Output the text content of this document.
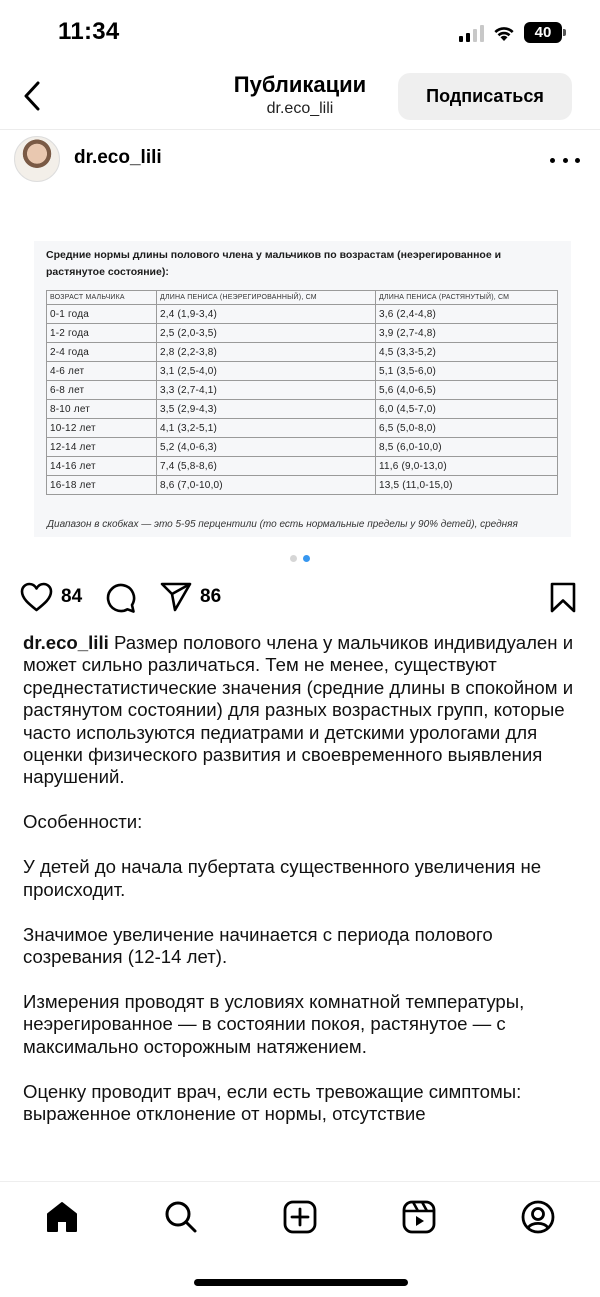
11:34	40
Публикации
dr.eco_lili
Подписаться
dr.eco_lili
Средние нормы длины полового члена у мальчиков по возрастам (неэрегированное и растянутое состояние):
ВОЗРАСТ МАЛЬЧИКА	ДЛИНА ПЕНИСА (НЕЭРЕГИРОВАННЫЙ), СМ	ДЛИНА ПЕНИСА (РАСТЯНУТЫЙ), СМ
0-1 года	2,4 (1,9-3,4)	3,6 (2,4-4,8)
1-2 года	2,5 (2,0-3,5)	3,9 (2,7-4,8)
2-4 года	2,8 (2,2-3,8)	4,5 (3,3-5,2)
4-6 лет	3,1 (2,5-4,0)	5,1 (3,5-6,0)
6-8 лет	3,3 (2,7-4,1)	5,6 (4,0-6,5)
8-10 лет	3,5 (2,9-4,3)	6,0 (4,5-7,0)
10-12 лет	4,1 (3,2-5,1)	6,5 (5,0-8,0)
12-14 лет	5,2 (4,0-6,3)	8,5 (6,0-10,0)
14-16 лет	7,4 (5,8-8,6)	11,6 (9,0-13,0)
16-18 лет	8,6 (7,0-10,0)	13,5 (11,0-15,0)
Диапазон в скобках — это 5-95 перцентили (то есть нормальные пределы у 90% детей), средняя
84	86

dr.eco_lili Размер полового члена у мальчиков индивидуален и может сильно различаться. Тем не менее, существуют среднестатистические значения (средние длины в спокойном и растянутом состоянии) для разных возрастных групп, которые часто используются педиатрами и детскими урологами для оценки физического развития и своевременного выявления нарушений.

Особенности:

У детей до начала пубертата существенного увеличения не происходит.

Значимое увеличение начинается с периода полового созревания (12-14 лет).

Измерения проводят в условиях комнатной температуры, неэрегированное — в состоянии покоя, растянутое — с максимально осторожным натяжением.

Оценку проводит врач, если есть тревожащие симптомы: выраженное отклонение от нормы, отсутствие
